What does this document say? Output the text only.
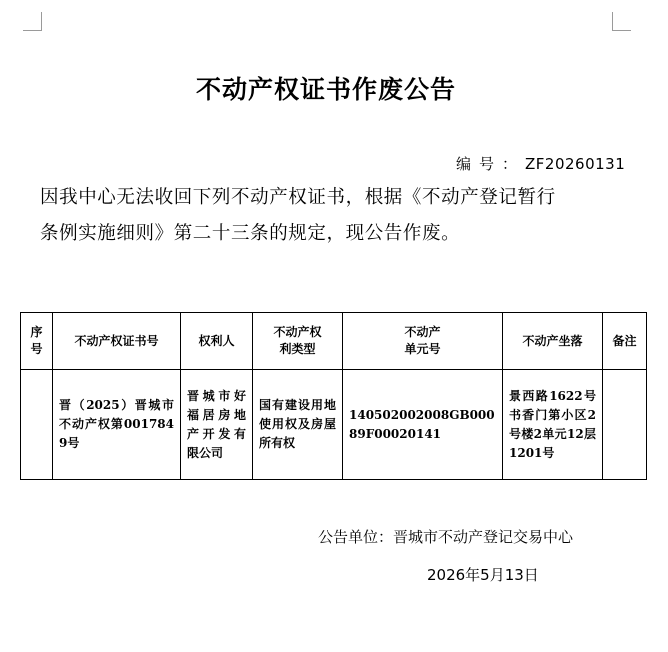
不动产权证书作废公告
编号：ZF20260131
因我中心无法收回下列不动产权证书，根据《不动产登记暂行
条例实施细则》第二十三条的规定，现公告作废。
序号	不动产权证书号	权利人	不动产权利类型	不动产单元号	不动产坐落	备注
	晋（2025）晋城市不动产权第0017849号	晋城市好福居房地产开发有限公司	国有建设用地使用权及房屋所有权	140502002008GB00089F00020141	景西路1622号书香门第小区2号楼2单元12层1201号	
公告单位：晋城市不动产登记交易中心
2026年5月13日
